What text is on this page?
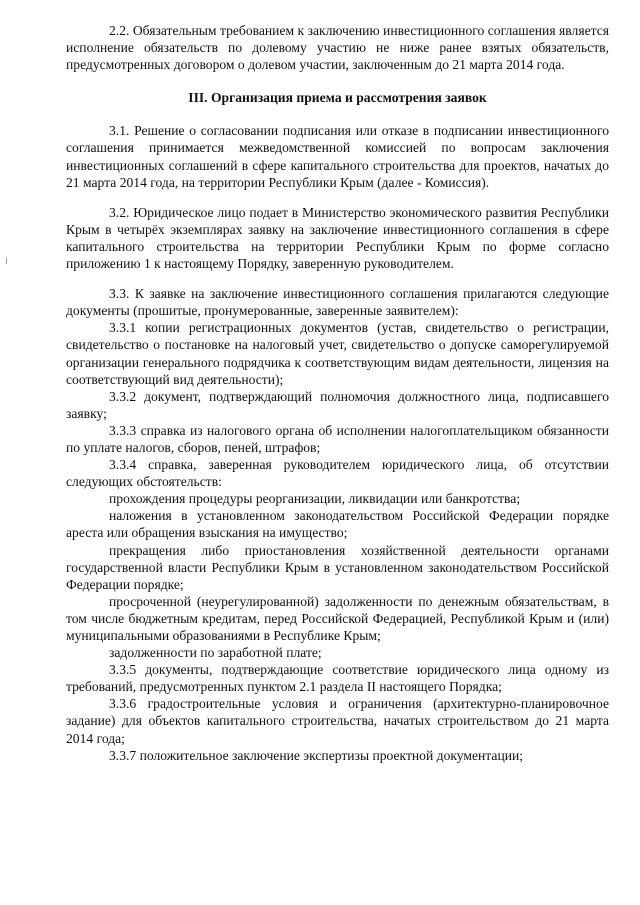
2.2. Обязательным требованием к заключению инвестиционного соглашения является исполнение обязательств по долевому участию не ниже ранее взятых обязательств, предусмотренных договором о долевом участии, заключенным до 21 марта 2014 года.

III. Организация приема и рассмотрения заявок

3.1. Решение о согласовании подписания или отказе в подписании инвестиционного соглашения принимается межведомственной комиссией по вопросам заключения инвестиционных соглашений в сфере капитального строительства для проектов, начатых до 21 марта 2014 года, на территории Республики Крым (далее - Комиссия).

3.2. Юридическое лицо подает в Министерство экономического развития Республики Крым в четырёх экземплярах заявку на заключение инвестиционного соглашения в сфере капитального строительства на территории Республики Крым по форме согласно приложению 1 к настоящему Порядку, заверенную руководителем.

3.3. К заявке на заключение инвестиционного соглашения прилагаются следующие документы (прошитые, пронумерованные, заверенные заявителем):

3.3.1 копии регистрационных документов (устав, свидетельство о регистрации, свидетельство о постановке на налоговый учет, свидетельство о допуске саморегулируемой организации генерального подрядчика к соответствующим видам деятельности, лицензия на соответствующий вид деятельности);

3.3.2 документ, подтверждающий полномочия должностного лица, подписавшего заявку;

3.3.3 справка из налогового органа об исполнении налогоплательщиком обязанности по уплате налогов, сборов, пеней, штрафов;

3.3.4 справка, заверенная руководителем юридического лица, об отсутствии следующих обстоятельств:

прохождения процедуры реорганизации, ликвидации или банкротства;

наложения в установленном законодательством Российской Федерации порядке ареста или обращения взыскания на имущество;

прекращения либо приостановления хозяйственной деятельности органами государственной власти Республики Крым в установленном законодательством Российской Федерации порядке;

просроченной (неурегулированной) задолженности по денежным обязательствам, в том числе бюджетным кредитам, перед Российской Федерацией, Республикой Крым и (или) муниципальными образованиями в Республике Крым;

задолженности по заработной плате;

3.3.5 документы, подтверждающие соответствие юридического лица одному из требований, предусмотренных пунктом 2.1 раздела II настоящего Порядка;

3.3.6 градостроительные условия и ограничения (архитектурно-планировочное задание) для объектов капитального строительства, начатых строительством до 21 марта 2014 года;

3.3.7 положительное заключение экспертизы проектной документации;
